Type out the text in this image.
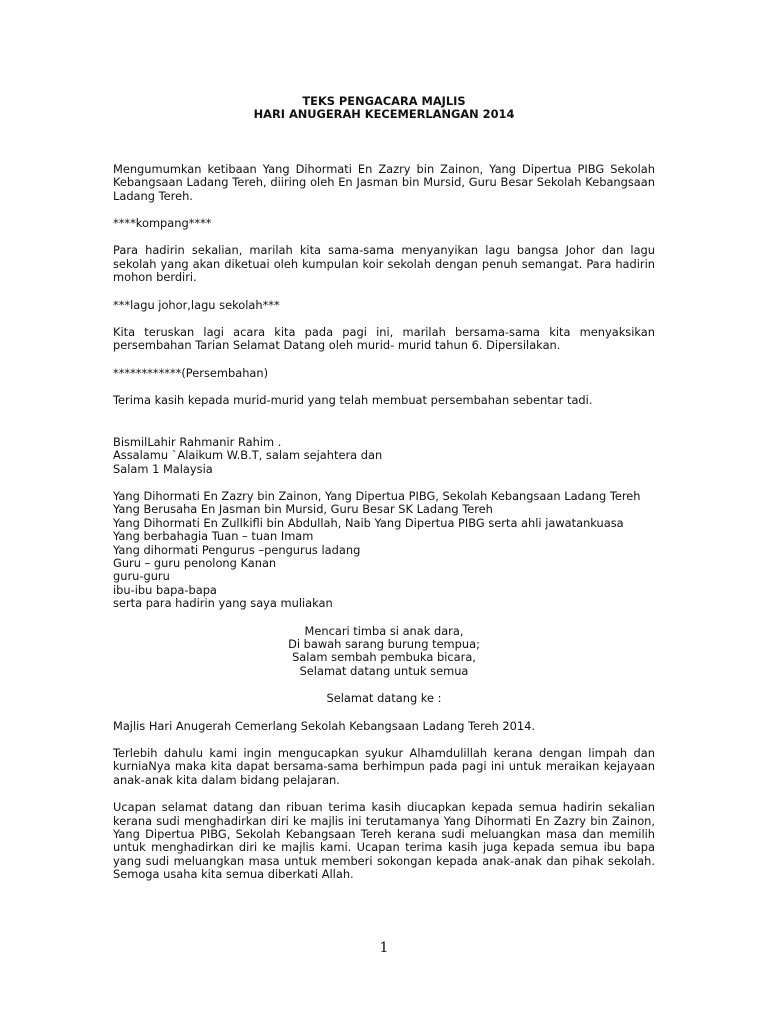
TEKS PENGACARA MAJLIS

HARI ANUGERAH KECEMERLANGAN 2014

Mengumumkan ketibaan Yang Dihormati En Zazry bin Zainon, Yang Dipertua PIBG Sekolah Kebangsaan Ladang Tereh, diiring oleh En Jasman bin Mursid, Guru Besar Sekolah Kebangsaan Ladang Tereh.

****kompang****

Para hadirin sekalian, marilah kita sama-sama menyanyikan lagu bangsa Johor dan lagu sekolah yang akan diketuai oleh kumpulan koir sekolah dengan penuh semangat. Para hadirin mohon berdiri.

***lagu johor,lagu sekolah***

Kita teruskan lagi acara kita pada pagi ini, marilah bersama-sama kita menyaksikan persembahan Tarian Selamat Datang oleh murid- murid tahun 6. Dipersilakan.

************(Persembahan)

Terima kasih kepada murid-murid yang telah membuat persembahan sebentar tadi.

BismilLahir Rahmanir Rahim .

Assalamu `Alaikum W.B.T, salam sejahtera dan

Salam 1 Malaysia

Yang Dihormati En Zazry bin Zainon, Yang Dipertua PIBG, Sekolah Kebangsaan Ladang Tereh

Yang Berusaha En Jasman bin Mursid, Guru Besar SK Ladang Tereh

Yang Dihormati En Zullkifli bin Abdullah, Naib Yang Dipertua PIBG serta ahli jawatankuasa

Yang berbahagia Tuan – tuan Imam

Yang dihormati Pengurus –pengurus ladang

Guru – guru penolong Kanan

guru-guru

ibu-ibu bapa-bapa

serta para hadirin yang saya muliakan

Mencari timba si anak dara,

Di bawah sarang burung tempua;

Salam sembah pembuka bicara,

Selamat datang untuk semua

Selamat datang ke :

Majlis Hari Anugerah Cemerlang Sekolah Kebangsaan Ladang Tereh 2014.

Terlebih dahulu kami ingin mengucapkan syukur Alhamdulillah kerana dengan limpah dan kurniaNya maka kita dapat bersama-sama berhimpun pada pagi ini untuk meraikan kejayaan anak-anak kita dalam bidang pelajaran.

Ucapan selamat datang dan ribuan terima kasih diucapkan kepada semua hadirin sekalian kerana sudi menghadirkan diri ke majlis ini terutamanya Yang Dihormati En Zazry bin Zainon, Yang Dipertua PIBG, Sekolah Kebangsaan Tereh kerana sudi meluangkan masa dan memilih untuk menghadirkan diri ke majlis kami. Ucapan terima kasih juga kepada semua ibu bapa yang sudi meluangkan masa untuk memberi sokongan kepada anak-anak dan pihak sekolah. Semoga usaha kita semua diberkati Allah.

1
